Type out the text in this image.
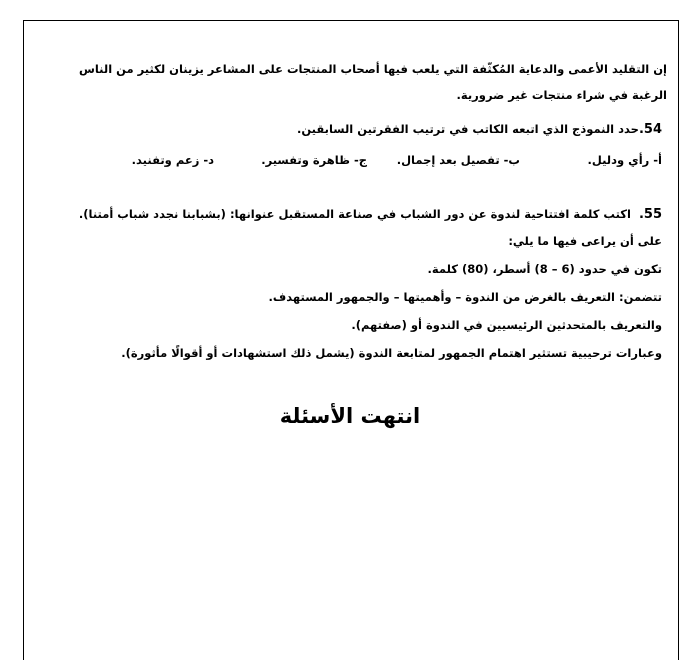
إن التقليد الأعمى والدعاية المُكثّفة التي يلعب فيها أصحاب المنتجات على المشاعر يزينان لكثير من الناس
الرغبة في شراء منتجات غير ضرورية.
54.حدد النموذج الذي اتبعه الكاتب في ترتيب الفقرتين السابقين.
أ- رأي ودليل.
ب- تفصيل بعد إجمال.
ج- ظاهرة وتفسير.
د- زعم وتفنيد.
55.  اكتب كلمة افتتاحية لندوة عن دور الشباب في صناعة المستقبل عنوانها: (بشبابنا نجدد شباب أمتنا).
على أن يراعى فيها ما يلي:
تكون في حدود (6 – 8) أسطر، (80) كلمة.
تتضمن: التعريف بالغرض من الندوة – وأهميتها – والجمهور المستهدف.
والتعريف بالمتحدثين الرئيسيين في الندوة أو (صفتهم).
وعبارات ترحيبية تستثير اهتمام الجمهور لمتابعة الندوة (يشمل ذلك استشهادات أو أقوالًا مأثورة).
انتهت الأسئلة
